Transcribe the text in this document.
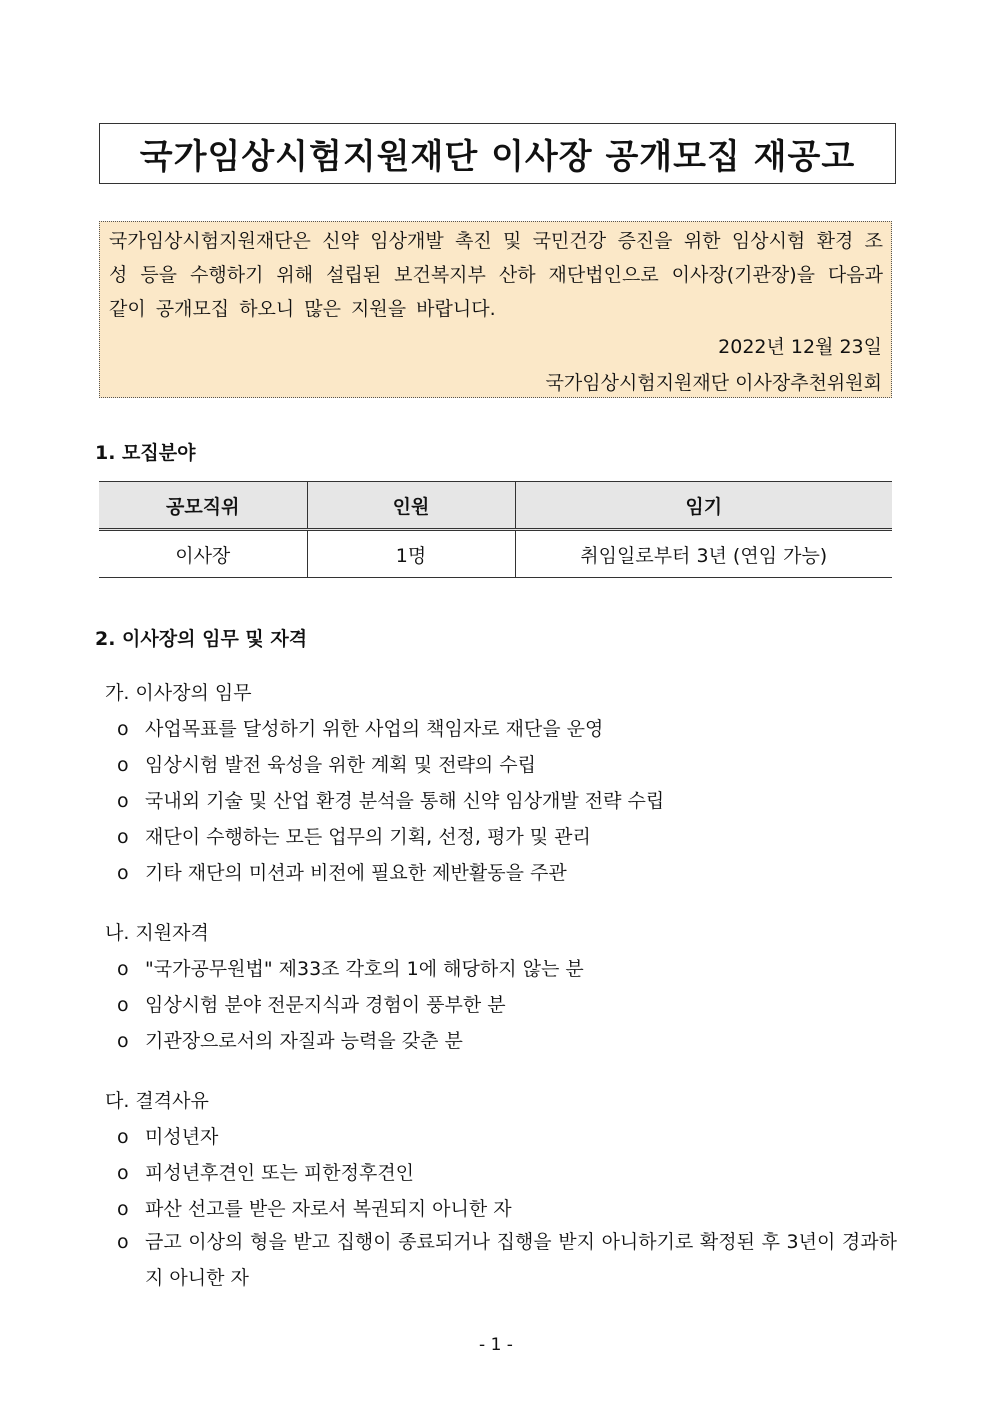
국가임상시험지원재단 이사장 공개모집 재공고
국가임상시험지원재단은 신약 임상개발 촉진 및 국민건강 증진을 위한 임상시험 환경 조성 등을 수행하기 위해 설립된 보건복지부 산하 재단법인으로 이사장(기관장)을 다음과 같이 공개모집 하오니 많은 지원을 바랍니다.
2022년 12월 23일
국가임상시험지원재단 이사장추천위원회
1. 모집분야
공모직위	인원	임기
이사장	1명	취임일로부터 3년 (연임 가능)
2. 이사장의 임무 및 자격
가. 이사장의 임무
o 사업목표를 달성하기 위한 사업의 책임자로 재단을 운영
o 임상시험 발전 육성을 위한 계획 및 전략의 수립
o 국내외 기술 및 산업 환경 분석을 통해 신약 임상개발 전략 수립
o 재단이 수행하는 모든 업무의 기획, 선정, 평가 및 관리
o 기타 재단의 미션과 비전에 필요한 제반활동을 주관
나. 지원자격
o "국가공무원법" 제33조 각호의 1에 해당하지 않는 분
o 임상시험 분야 전문지식과 경험이 풍부한 분
o 기관장으로서의 자질과 능력을 갖춘 분
다. 결격사유
o 미성년자
o 피성년후견인 또는 피한정후견인
o 파산 선고를 받은 자로서 복권되지 아니한 자
o 금고 이상의 형을 받고 집행이 종료되거나 집행을 받지 아니하기로 확정된 후 3년이 경과하지 아니한 자
- 1 -
